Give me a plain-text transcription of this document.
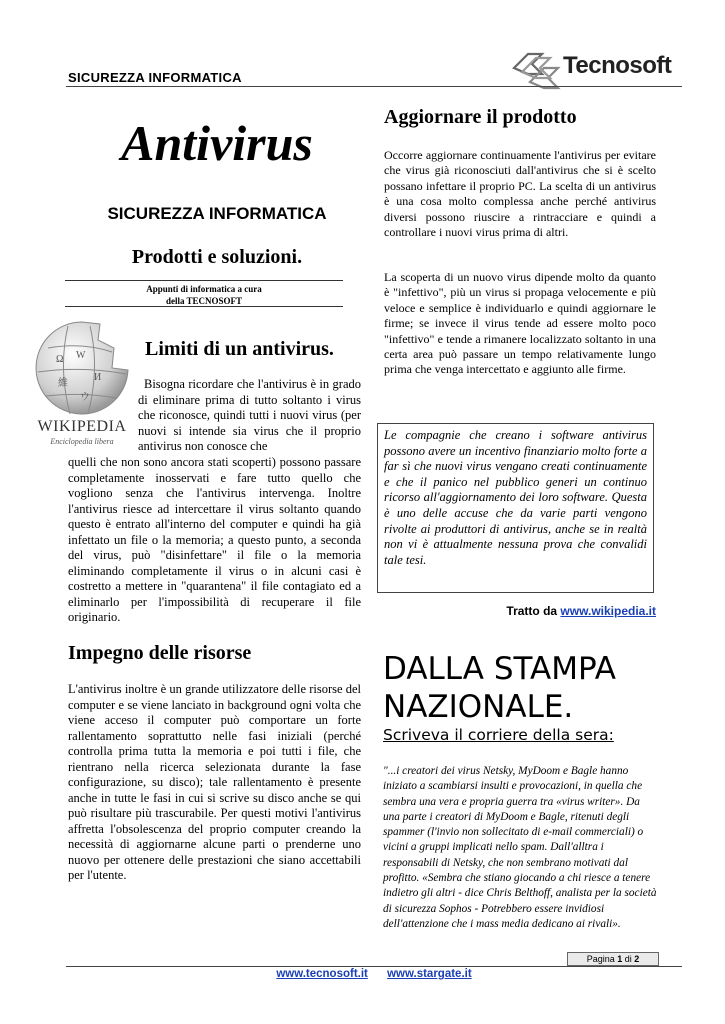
SICUREZZA INFORMATICA	Tecnosoft
Antivirus
SICUREZZA INFORMATICA
Prodotti e soluzioni.
Appunti di informatica a cura
della TECNOSOFT
Ω W
И
維
ウ
WIKIPEDIA
Enciclopedia libera
Limiti di un antivirus.

Bisogna ricordare che l'antivirus è in grado di eliminare prima di tutto soltanto i virus che riconosce, quindi tutti i nuovi virus (per nuovi si intende sia virus che il proprio antivirus non conosce che

quelli che non sono ancora stati scoperti) possono passare completamente inosservati e fare tutto quello che vogliono senza che l'antivirus intervenga. Inoltre l'antivirus riesce ad intercettare il virus soltanto quando questo è entrato all'interno del computer e quindi ha già infettato un file o la memoria; a questo punto, a seconda del virus, può "disinfettare" il file o la memoria eliminando completamente il virus o in alcuni casi è costretto a mettere in "quarantena" il file contagiato ed a eliminarlo per l'impossibilità di recuperare il file originario.

Impegno delle risorse
L'antivirus inoltre è un grande utilizzatore delle risorse del computer e se viene lanciato in background ogni volta che viene acceso il computer può comportare un forte rallentamento soprattutto nelle fasi iniziali (perché controlla prima tutta la memoria e poi tutti i file, che rientrano nella ricerca selezionata durante la fase configurazione, su disco); tale rallentamento è presente anche in tutte le fasi in cui si scrive su disco anche se qui può risultare più trascurabile. Per questi motivi l'antivirus affretta l'obsolescenza del proprio computer creando la necessità di aggiornarne alcune parti o prenderne uno nuovo per ottenere delle prestazioni che siano accettabili per l'utente.
Aggiornare il prodotto
Occorre aggiornare continuamente l'antivirus per evitare che virus già riconosciuti dall'antivirus che si è scelto possano infettare il proprio PC. La scelta di un antivirus è una cosa molto complessa anche perché antivirus diversi possono riuscire a rintracciare e quindi a controllare i nuovi virus prima di altri.
La scoperta di un nuovo virus dipende molto da quanto è "infettivo", più un virus si propaga velocemente e più veloce e semplice è individuarlo e quindi aggiornare le firme; se invece il virus tende ad essere molto poco "infettivo" e tende a rimanere localizzato soltanto in una certa area può passare un tempo relativamente lungo prima che venga intercettato e aggiunto alle firme.

Le compagnie che creano i software antivirus possono avere un incentivo finanziario molto forte a far sì che nuovi virus vengano creati continuamente e che il panico nel pubblico generi un continuo ricorso all'aggiornamento dei loro software. Questa è uno delle accuse che da varie parti vengono rivolte ai produttori di antivirus, anche se in realtà non vi è attualmente nessuna prova che convalidi tale tesi.

Tratto da www.wikipedia.it
DALLA STAMPA NAZIONALE.
Scriveva il corriere della sera:
"...i creatori dei virus Netsky, MyDoom e Bagle hanno iniziato a scambiarsi insulti e provocazioni, in quella che sembra una vera e propria guerra tra «virus writer». Da una parte i creatori di MyDoom e Bagle, ritenuti degli spammer (l'invio non sollecitato di e-mail commerciali) o vicini a gruppi implicati nello spam. Dall'alltra i responsabili di Netsky, che non sembrano motivati dal profitto. «Sembra che stiano giocando a chi riesce a tenere indietro gli altri - dice Chris Belthoff, analista per la società di sicurezza Sophos - Potrebbero essere invidiosi dell'attenzione che i mass media dedicano ai rivali».
Pagina 1 di 2
www.tecnosoft.it www.stargate.it
